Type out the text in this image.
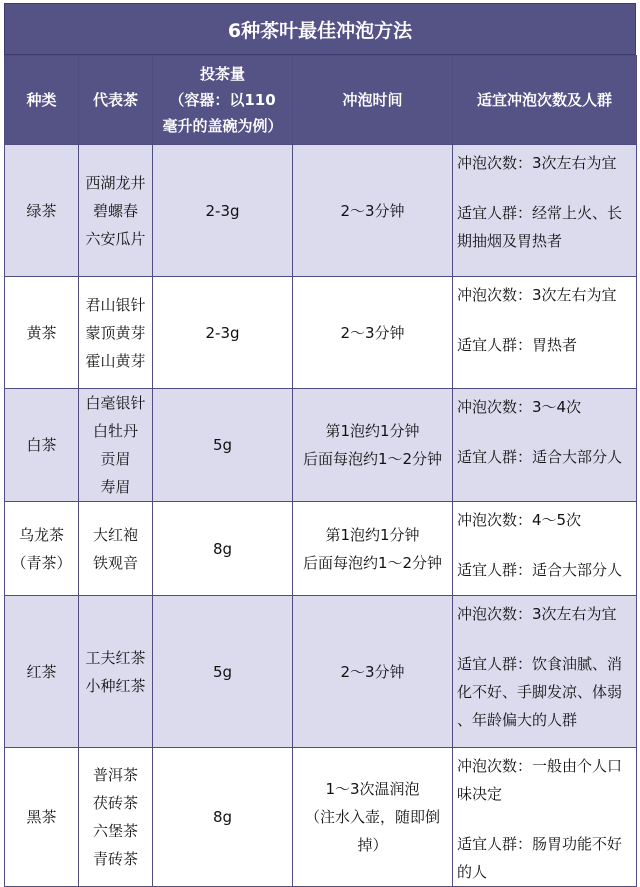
6种茶叶最佳冲泡方法
种类	代表茶	投茶量
（容器：以110
毫升的盖碗为例）	冲泡时间	适宜冲泡次数及人群

绿茶	西湖龙井
碧螺春
六安瓜片	2-3g	2～3分钟	冲泡次数：3次左右为宜
适宜人群：经常上火、长
期抽烟及胃热者

黄茶	君山银针
蒙顶黄芽
霍山黄芽	2-3g	2～3分钟	冲泡次数：3次左右为宜
适宜人群：胃热者

白茶	白毫银针
白牡丹
贡眉
寿眉	5g	第1泡约1分钟
后面每泡约1～2分钟	冲泡次数：3～4次
适宜人群：适合大部分人

乌龙茶
（青茶）	大红袍
铁观音	8g	第1泡约1分钟
后面每泡约1～2分钟	冲泡次数：4～5次
适宜人群：适合大部分人

红茶	工夫红茶
小种红茶	5g	2～3分钟	冲泡次数：3次左右为宜
适宜人群：饮食油腻、消
化不好、手脚发凉、体弱
、年龄偏大的人群

黑茶	普洱茶
茯砖茶
六堡茶
青砖茶	8g	1～3次温润泡
（注水入壶，随即倒
掉）	冲泡次数：一般由个人口
味决定
适宜人群：肠胃功能不好
的人
